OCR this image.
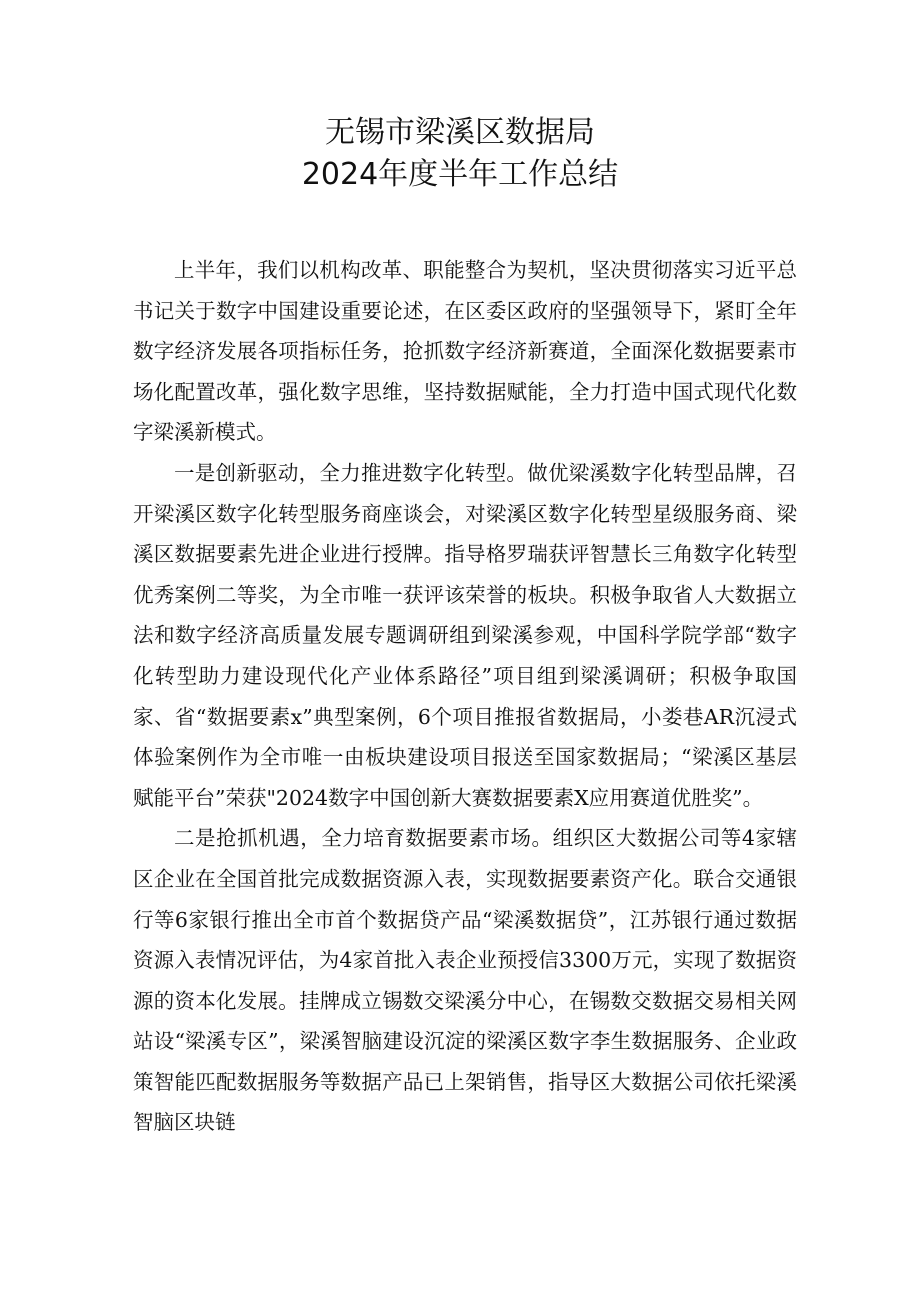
无锡市梁溪区数据局
2024年度半年工作总结

上半年，我们以机构改革、职能整合为契机，坚决贯彻落实习近平总书记关于数字中国建设重要论述，在区委区政府的坚强领导下，紧盯全年数字经济发展各项指标任务，抢抓数字经济新赛道，全面深化数据要素市场化配置改革，强化数字思维，坚持数据赋能，全力打造中国式现代化数字梁溪新模式。

一是创新驱动，全力推进数字化转型。做优梁溪数字化转型品牌，召开梁溪区数字化转型服务商座谈会，对梁溪区数字化转型星级服务商、梁溪区数据要素先进企业进行授牌。指导格罗瑞获评智慧长三角数字化转型优秀案例二等奖，为全市唯一获评该荣誉的板块。积极争取省人大数据立法和数字经济高质量发展专题调研组到梁溪参观，中国科学院学部“数字化转型助力建设现代化产业体系路径”项目组到梁溪调研；积极争取国家、省“数据要素x”典型案例，6个项目推报省数据局，小娄巷AR沉浸式体验案例作为全市唯一由板块建设项目报送至国家数据局；“梁溪区基层赋能平台”荣获"2024数字中国创新大赛数据要素X应用赛道优胜奖”。

二是抢抓机遇，全力培育数据要素市场。组织区大数据公司等4家辖区企业在全国首批完成数据资源入表，实现数据要素资产化。联合交通银行等6家银行推出全市首个数据贷产品“梁溪数据贷”，江苏银行通过数据资源入表情况评估，为4家首批入表企业预授信3300万元，实现了数据资源的资本化发展。挂牌成立锡数交梁溪分中心，在锡数交数据交易相关网站设“梁溪专区”，梁溪智脑建设沉淀的梁溪区数字李生数据服务、企业政策智能匹配数据服务等数据产品已上架销售，指导区大数据公司依托梁溪智脑区块链
